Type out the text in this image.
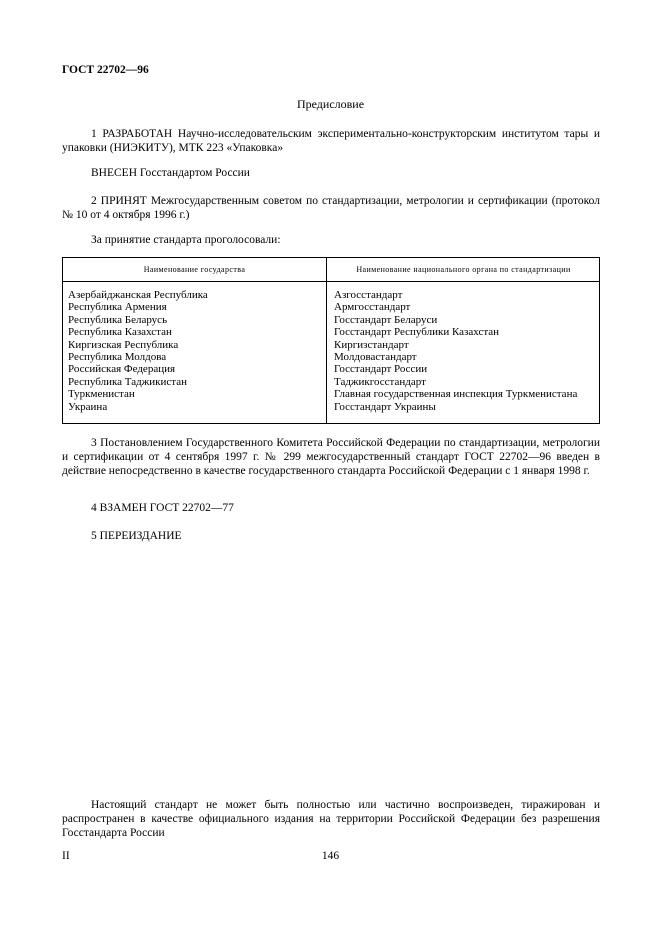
ГОСТ 22702—96
Предисловие
1 РАЗРАБОТАН Научно-исследовательским экспериментально-конструкторским институтом тары и упаковки (НИЭКИТУ), МТК 223 «Упаковка»
ВНЕСЕН Госстандартом России
2 ПРИНЯТ Межгосударственным советом по стандартизации, метрологии и сертификации (протокол № 10 от 4 октября 1996 г.)
За принятие стандарта проголосовали:
Наименование государства	Наименование национального органа по стандартизации
Азербайджанская Республика
Республика Армения
Республика Беларусь
Республика Казахстан
Киргизская Республика
Республика Молдова
Российская Федерация
Республика Таджикистан
Туркменистан
Украина
Азгосстандарт
Армгосстандарт
Госстандарт Беларуси
Госстандарт Республики Казахстан
Киргизстандарт
Молдовастандарт
Госстандарт России
Таджикгосстандарт
Главная государственная инспекция Туркменистана
Госстандарт Украины
3 Постановлением Государственного Комитета Российской Федерации по стандартизации, метрологии и сертификации от 4 сентября 1997 г. № 299 межгосударственный стандарт ГОСТ 22702—96 введен в действие непосредственно в качестве государственного стандарта Российской Федерации с 1 января 1998 г.
4 ВЗАМЕН ГОСТ 22702—77
5 ПЕРЕИЗДАНИЕ
Настоящий стандарт не может быть полностью или частично воспроизведен, тиражирован и распространен в качестве официального издания на территории Российской Федерации без разрешения Госстандарта России
II	146
